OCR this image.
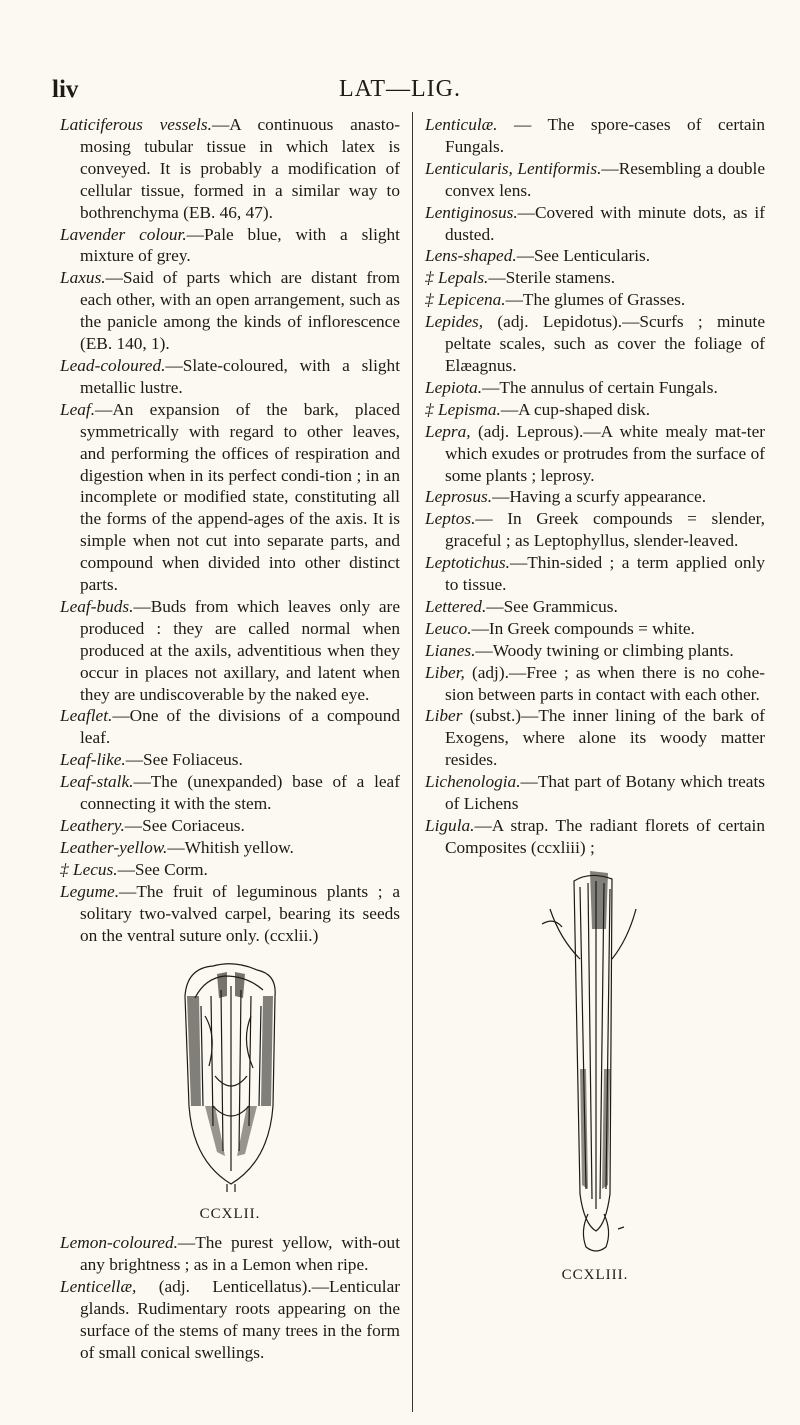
liv	LAT—LIG.

Laticiferous vessels.—A continuous anasto-mosing tubular tissue in which latex is conveyed. It is probably a modification of cellular tissue, formed in a similar way to bothrenchyma (EB. 46, 47).

Lavender colour.—Pale blue, with a slight mixture of grey.

Laxus.—Said of parts which are distant from each other, with an open arrangement, such as the panicle among the kinds of inflorescence (EB. 140, 1).

Lead-coloured.—Slate-coloured, with a slight metallic lustre.

Leaf.—An expansion of the bark, placed symmetrically with regard to other leaves, and performing the offices of respiration and digestion when in its perfect condi-tion ; in an incomplete or modified state, constituting all the forms of the append-ages of the axis. It is simple when not cut into separate parts, and compound when divided into other distinct parts.

Leaf-buds.—Buds from which leaves only are produced : they are called normal when produced at the axils, adventitious when they occur in places not axillary, and latent when they are undiscoverable by the naked eye.

Leaflet.—One of the divisions of a compound leaf.

Leaf-like.—See Foliaceus.

Leaf-stalk.—The (unexpanded) base of a leaf connecting it with the stem.

Leathery.—See Coriaceus.

Leather-yellow.—Whitish yellow.

‡ Lecus.—See Corm.

Legume.—The fruit of leguminous plants ; a solitary two-valved carpel, bearing its seeds on the ventral suture only. (ccxlii.)

CCXLII.

Lemon-coloured.—The purest yellow, with-out any brightness ; as in a Lemon when ripe.

Lenticellæ, (adj. Lenticellatus).—Lenticular glands. Rudimentary roots appearing on the surface of the stems of many trees in the form of small conical swellings.

Lenticulæ. — The spore-cases of certain Fungals.

Lenticularis, Lentiformis.—Resembling a double convex lens.

Lentiginosus.—Covered with minute dots, as if dusted.

Lens-shaped.—See Lenticularis.

‡ Lepals.—Sterile stamens.

‡ Lepicena.—The glumes of Grasses.

Lepides, (adj. Lepidotus).—Scurfs ; minute peltate scales, such as cover the foliage of Elæagnus.

Lepiota.—The annulus of certain Fungals.

‡ Lepisma.—A cup-shaped disk.

Lepra, (adj. Leprous).—A white mealy mat-ter which exudes or protrudes from the surface of some plants ; leprosy.

Leprosus.—Having a scurfy appearance.

Leptos.— In Greek compounds = slender, graceful ; as Leptophyllus, slender-leaved.

Leptotichus.—Thin-sided ; a term applied only to tissue.

Lettered.—See Grammicus.

Leuco.—In Greek compounds = white.

Lianes.—Woody twining or climbing plants.

Liber, (adj).—Free ; as when there is no cohe-sion between parts in contact with each other.

Liber (subst.)—The inner lining of the bark of Exogens, where alone its woody matter resides.

Lichenologia.—That part of Botany which treats of Lichens

Ligula.—A strap. The radiant florets of certain Composites (ccxliii) ;

CCXLIII.
